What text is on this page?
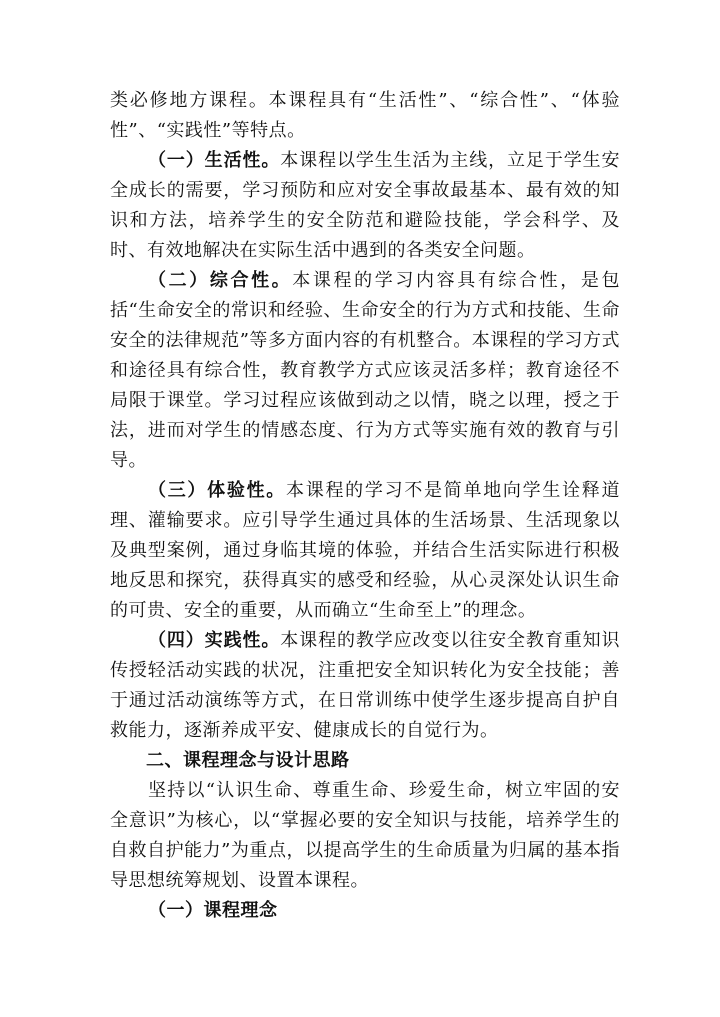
类必修地方课程。本课程具有“生活性”、“综合性”、“体验性”、“实践性”等特点。

（一）生活性。本课程以学生生活为主线，立足于学生安全成长的需要，学习预防和应对安全事故最基本、最有效的知识和方法，培养学生的安全防范和避险技能，学会科学、及时、有效地解决在实际生活中遇到的各类安全问题。

（二）综合性。本课程的学习内容具有综合性，是包括“生命安全的常识和经验、生命安全的行为方式和技能、生命安全的法律规范”等多方面内容的有机整合。本课程的学习方式和途径具有综合性，教育教学方式应该灵活多样；教育途径不局限于课堂。学习过程应该做到动之以情，晓之以理，授之于法，进而对学生的情感态度、行为方式等实施有效的教育与引导。

（三）体验性。本课程的学习不是简单地向学生诠释道理、灌输要求。应引导学生通过具体的生活场景、生活现象以及典型案例，通过身临其境的体验，并结合生活实际进行积极地反思和探究，获得真实的感受和经验，从心灵深处认识生命的可贵、安全的重要，从而确立“生命至上”的理念。

（四）实践性。本课程的教学应改变以往安全教育重知识传授轻活动实践的状况，注重把安全知识转化为安全技能；善于通过活动演练等方式，在日常训练中使学生逐步提高自护自救能力，逐渐养成平安、健康成长的自觉行为。

二、课程理念与设计思路

坚持以“认识生命、尊重生命、珍爱生命，树立牢固的安全意识”为核心，以“掌握必要的安全知识与技能，培养学生的自救自护能力”为重点，以提高学生的生命质量为归属的基本指导思想统筹规划、设置本课程。

（一）课程理念
